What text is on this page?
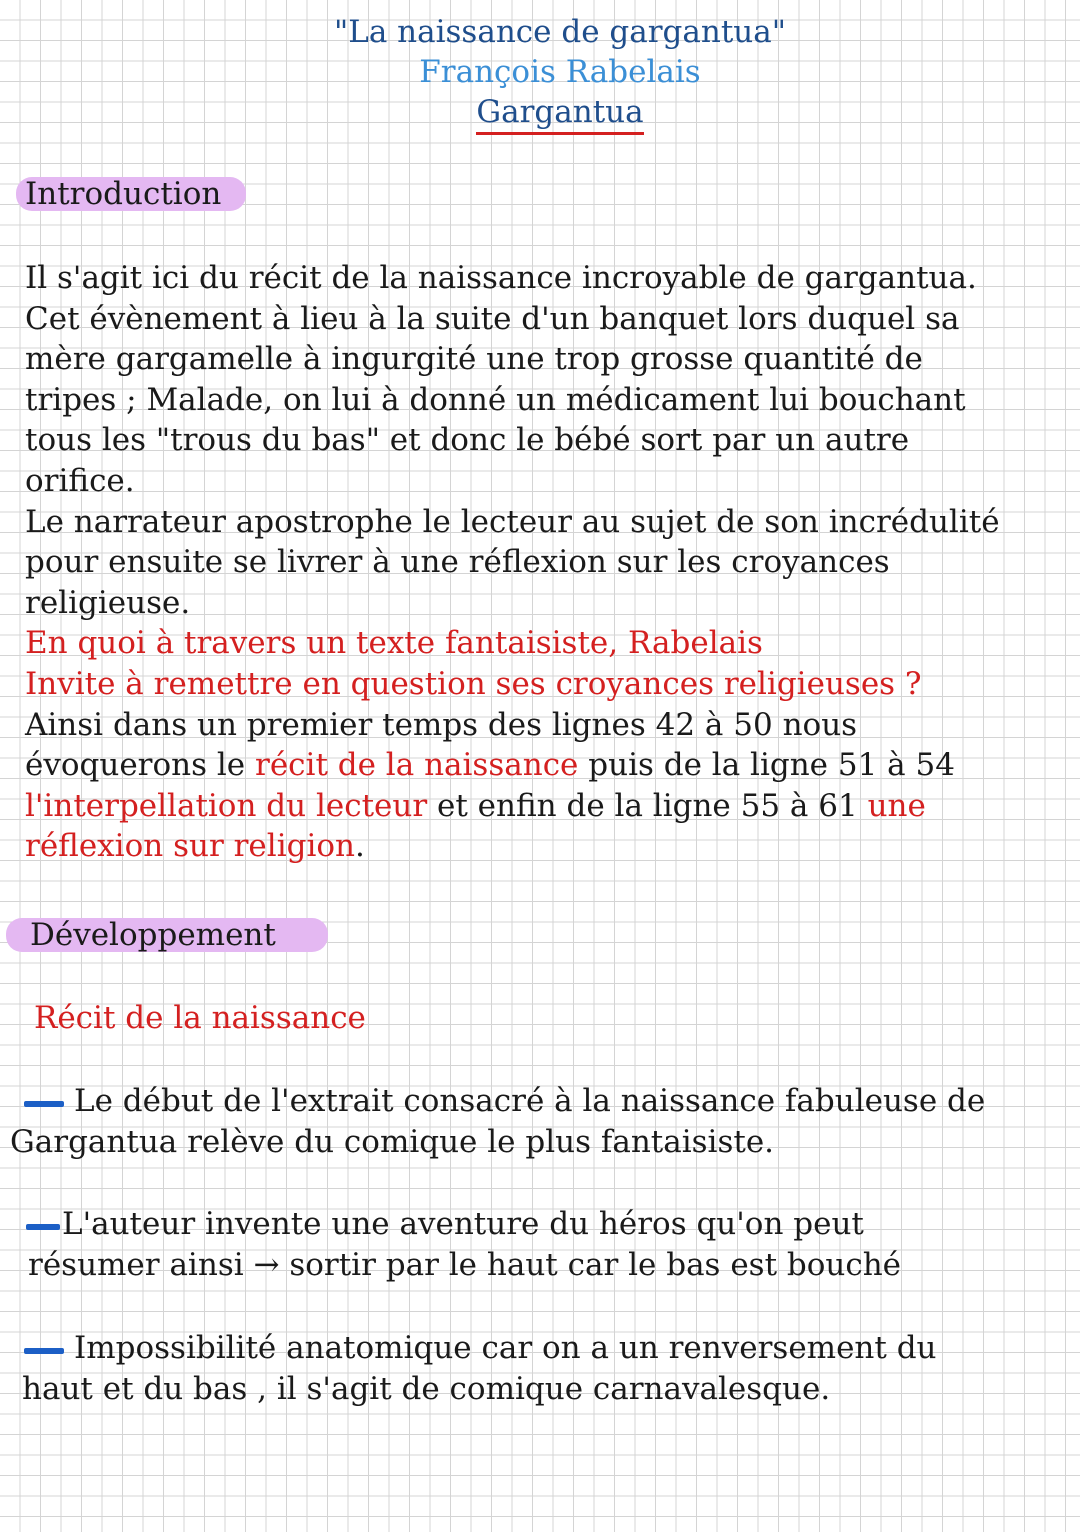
"La naissance de gargantua"
François Rabelais
Gargantua
Introduction
Il s'agit ici du récit de la naissance incroyable de gargantua.
Cet évènement à lieu à la suite d'un banquet lors duquel sa
mère gargamelle à ingurgité une trop grosse quantité de
tripes ; Malade, on lui à donné un médicament lui bouchant
tous les "trous du bas" et donc le bébé sort par un autre
orifice.
Le narrateur apostrophe le lecteur au sujet de son incrédulité
pour ensuite se livrer à une réflexion sur les croyances
religieuse.
En quoi à travers un texte fantaisiste, Rabelais
Invite à remettre en question ses croyances religieuses ?
Ainsi dans un premier temps des lignes 42 à 50 nous
évoquerons le récit de la naissance puis de la ligne 51 à 54
l'interpellation du lecteur et enfin de la ligne 55 à 61 une
réflexion sur religion.
Développement
Récit de la naissance
Le début de l'extrait consacré à la naissance fabuleuse de
Gargantua relève du comique le plus fantaisiste.
L'auteur invente une aventure du héros qu'on peut
résumer ainsi → sortir par le haut car le bas est bouché
Impossibilité anatomique car on a un renversement du
haut et du bas , il s'agit de comique carnavalesque.
